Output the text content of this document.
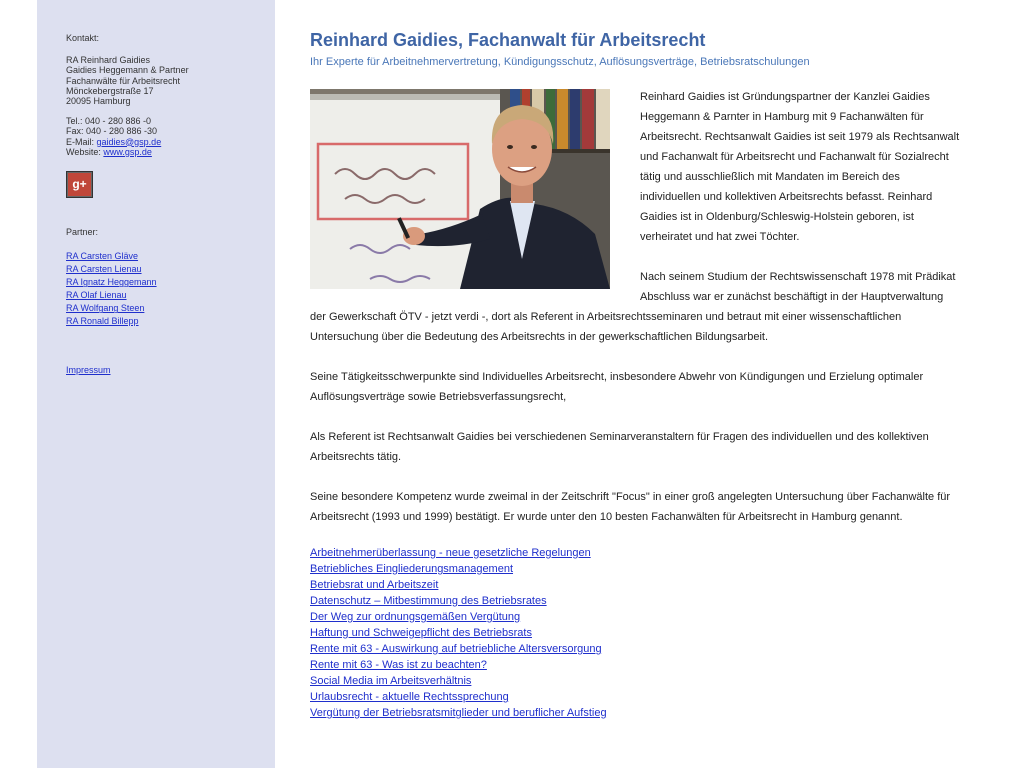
Kontakt:
RA Reinhard Gaidies
Gaidies Heggemann & Partner
Fachanwälte für Arbeitsrecht
Mönckebergstraße 17
20095 Hamburg
Tel.: 040 - 280 886 -0
Fax: 040 - 280 886 -30
E-Mail: gaidies@gsp.de
Website: www.gsp.de
g+
Partner:
RA Carsten Gläve
RA Carsten Lienau
RA Ignatz Heggemann
RA Olaf Lienau
RA Wolfgang Steen
RA Ronald Billepp
Impressum
Reinhard Gaidies, Fachanwalt für Arbeitsrecht
Ihr Experte für Arbeitnehmervertretung, Kündigungsschutz, Auflösungsverträge, Betriebsratschulungen

Reinhard Gaidies ist Gründungspartner der Kanzlei Gaidies Heggemann & Parnter in Hamburg mit 9 Fachanwälten für Arbeitsrecht. Rechtsanwalt Gaidies ist seit 1979 als Rechtsanwalt und Fachanwalt für Arbeitsrecht und Fachanwalt für Sozialrecht tätig und ausschließlich mit Mandaten im Bereich des individuellen und kollektiven Arbeitsrechts befasst. Reinhard Gaidies ist in Oldenburg/Schleswig-Holstein geboren, ist verheiratet und hat zwei Töchter.

Nach seinem Studium der Rechtswissenschaft 1978 mit Prädikat Abschluss war er zunächst beschäftigt in der Hauptverwaltung der Gewerkschaft ÖTV - jetzt verdi -, dort als Referent in Arbeitsrechtsseminaren und betraut mit einer wissenschaftlichen Untersuchung über die Bedeutung des Arbeitsrechts in der gewerkschaftlichen Bildungsarbeit.

Seine Tätigkeitsschwerpunkte sind Individuelles Arbeitsrecht, insbesondere Abwehr von Kündigungen und Erzielung optimaler Auflösungsverträge sowie Betriebsverfassungsrecht,

Als Referent ist Rechtsanwalt Gaidies bei verschiedenen Seminarveranstaltern für Fragen des individuellen und des kollektiven Arbeitsrechts tätig.

Seine besondere Kompetenz wurde zweimal in der Zeitschrift "Focus" in einer groß angelegten Untersuchung über Fachanwälte für Arbeitsrecht (1993 und 1999) bestätigt. Er wurde unter den 10 besten Fachanwälten für Arbeitsrecht in Hamburg genannt.

Arbeitnehmerüberlassung - neue gesetzliche Regelungen
Betriebliches Eingliederungsmanagement
Betriebsrat und Arbeitszeit
Datenschutz – Mitbestimmung des Betriebsrates
Der Weg zur ordnungsgemäßen Vergütung
Haftung und Schweigepflicht des Betriebsrats
Rente mit 63 - Auswirkung auf betriebliche Altersversorgung
Rente mit 63 - Was ist zu beachten?
Social Media im Arbeitsverhältnis
Urlaubsrecht - aktuelle Rechtssprechung
Vergütung der Betriebsratsmitglieder und beruflicher Aufstieg
